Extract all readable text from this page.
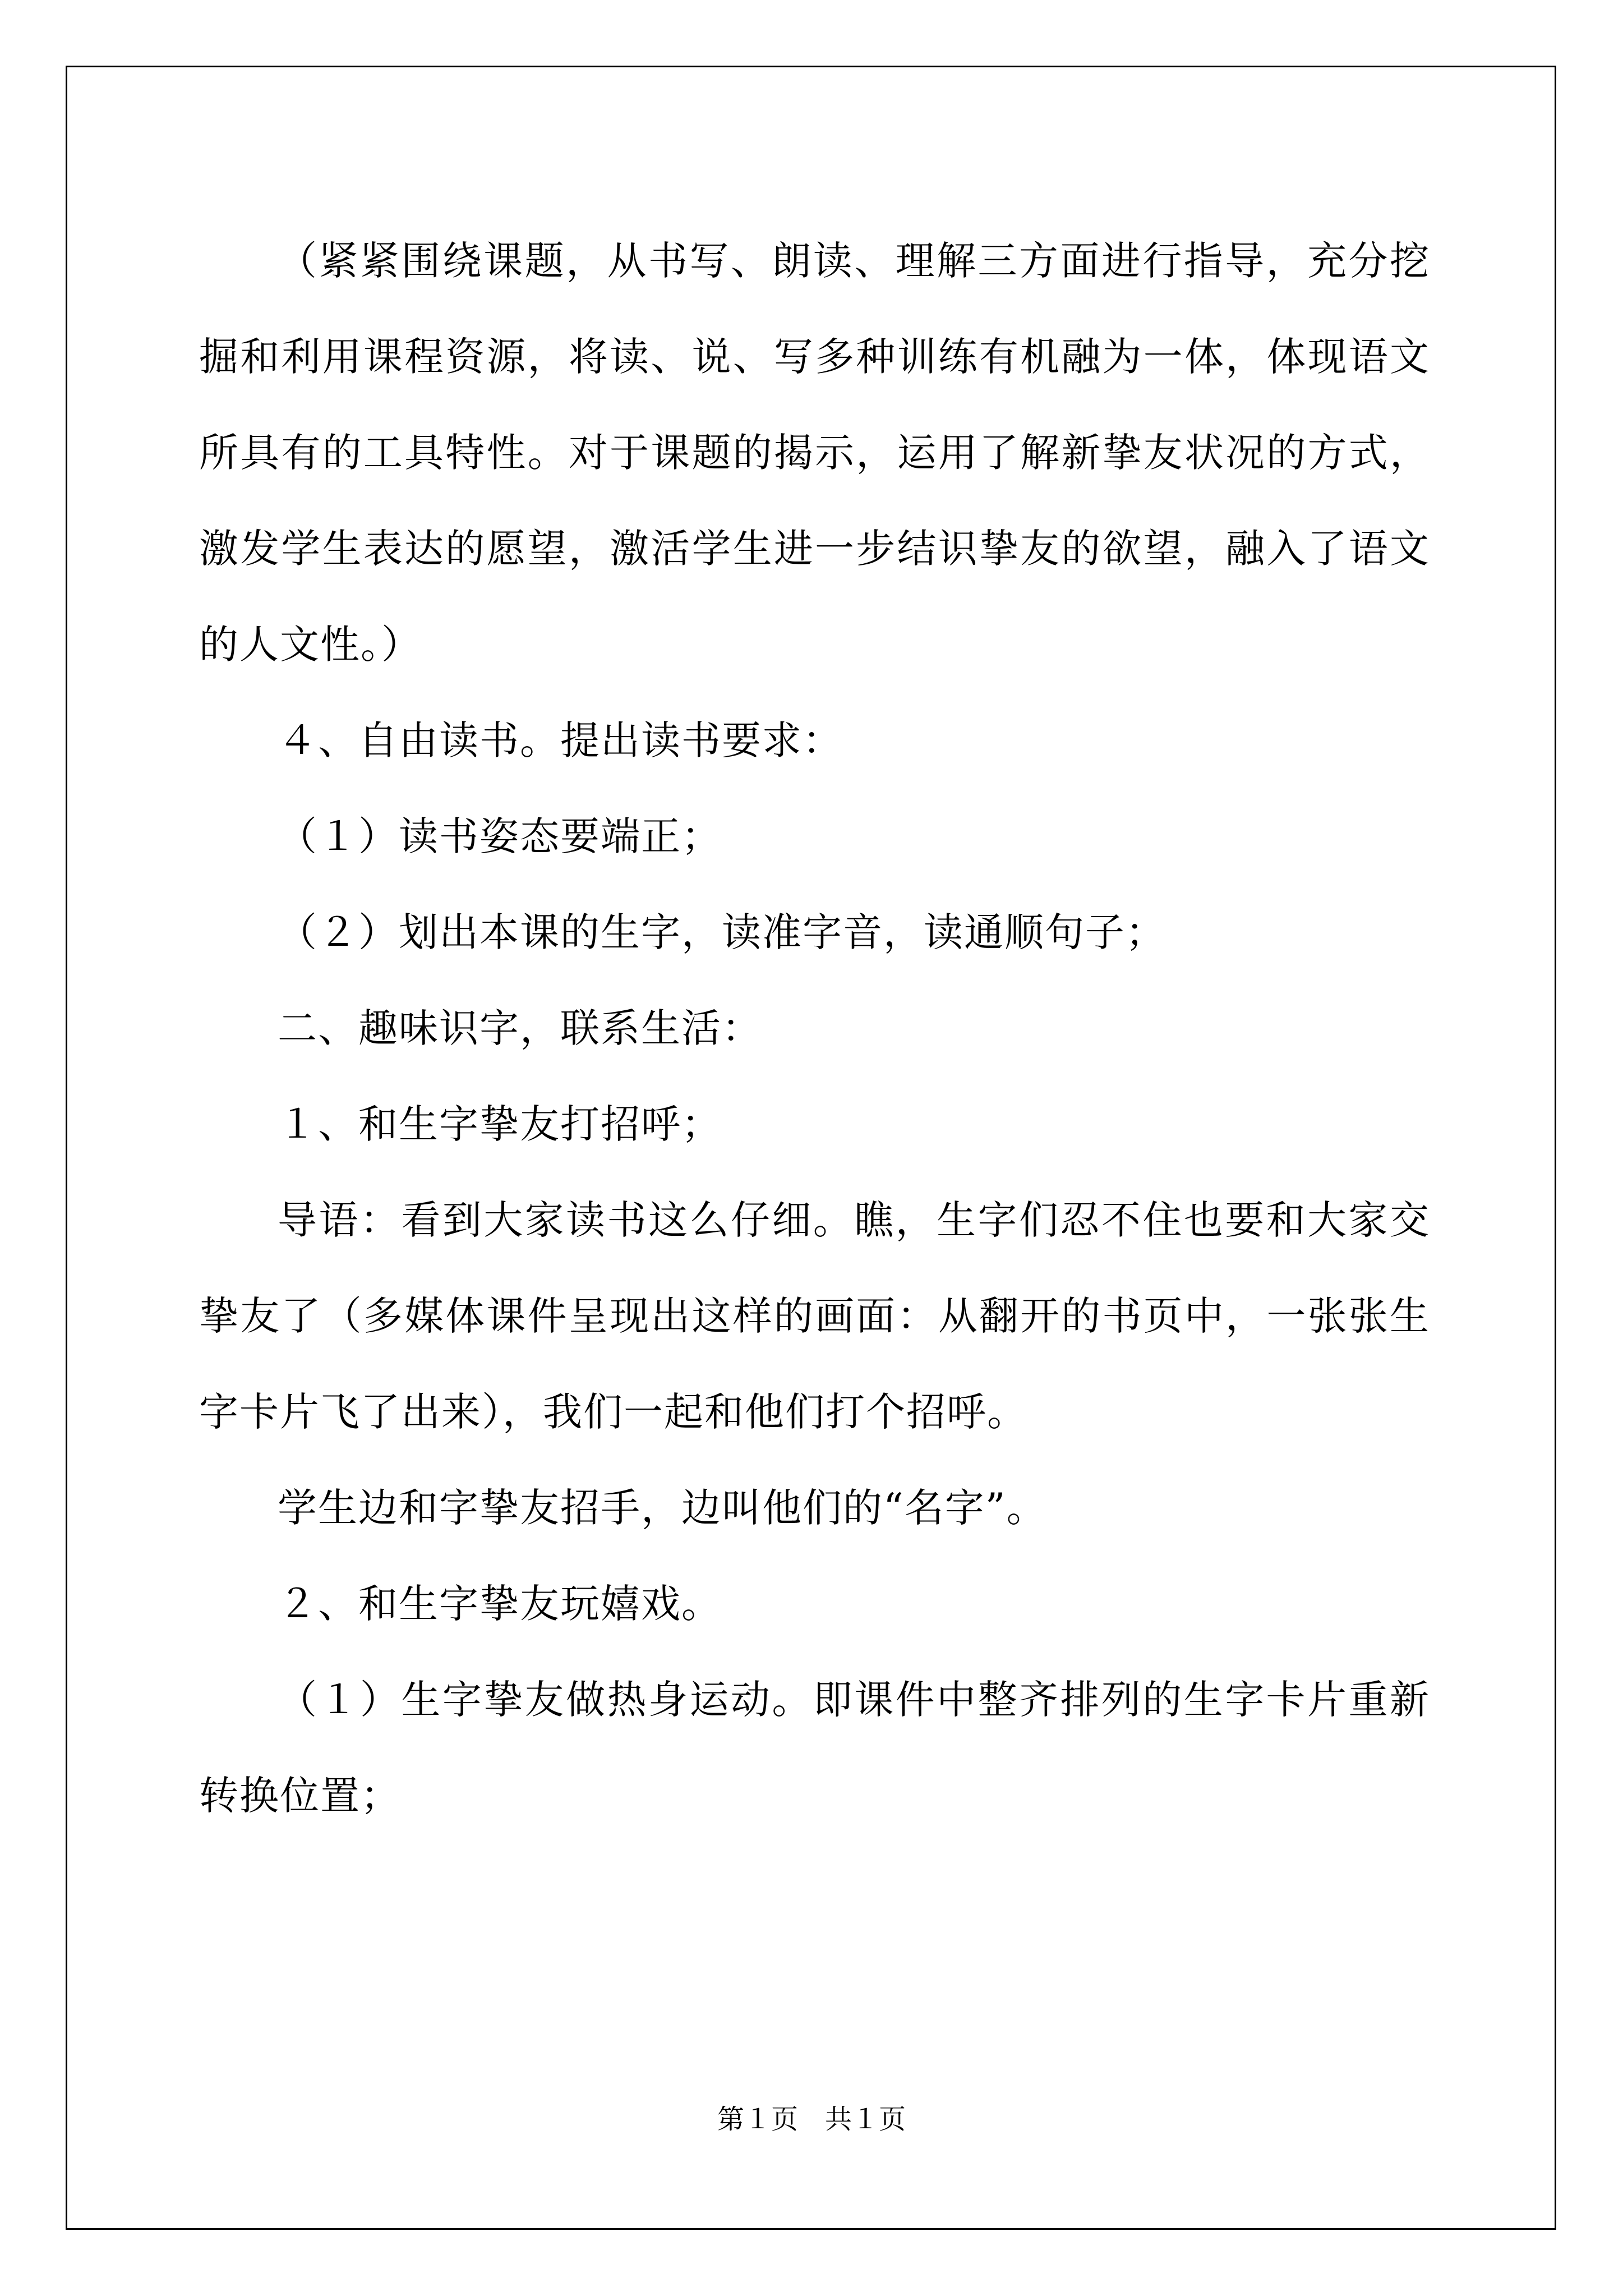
（紧紧围绕课题，从书写、朗读、理解三方面进行指导，充分挖掘和利用课程资源，将读、说、写多种训练有机融为一体，体现语文所具有的工具特性。对于课题的揭示，运用了解新挚友状况的方式，激发学生表达的愿望，激活学生进一步结识挚友的欲望，融入了语文的人文性。）

４、自由读书。提出读书要求：

（１）读书姿态要端正；

（２）划出本课的生字，读准字音，读通顺句子；

二、趣味识字，联系生活：

１、和生字挚友打招呼；

导语：看到大家读书这么仔细。瞧，生字们忍不住也要和大家交挚友了（多媒体课件呈现出这样的画面：从翻开的书页中，一张张生字卡片飞了出来），我们一起和他们打个招呼。

学生边和字挚友招手，边叫他们的“名字”。

２、和生字挚友玩嬉戏。

（１）生字挚友做热身运动。即课件中整齐排列的生字卡片重新转换位置；

第１页　共１页
